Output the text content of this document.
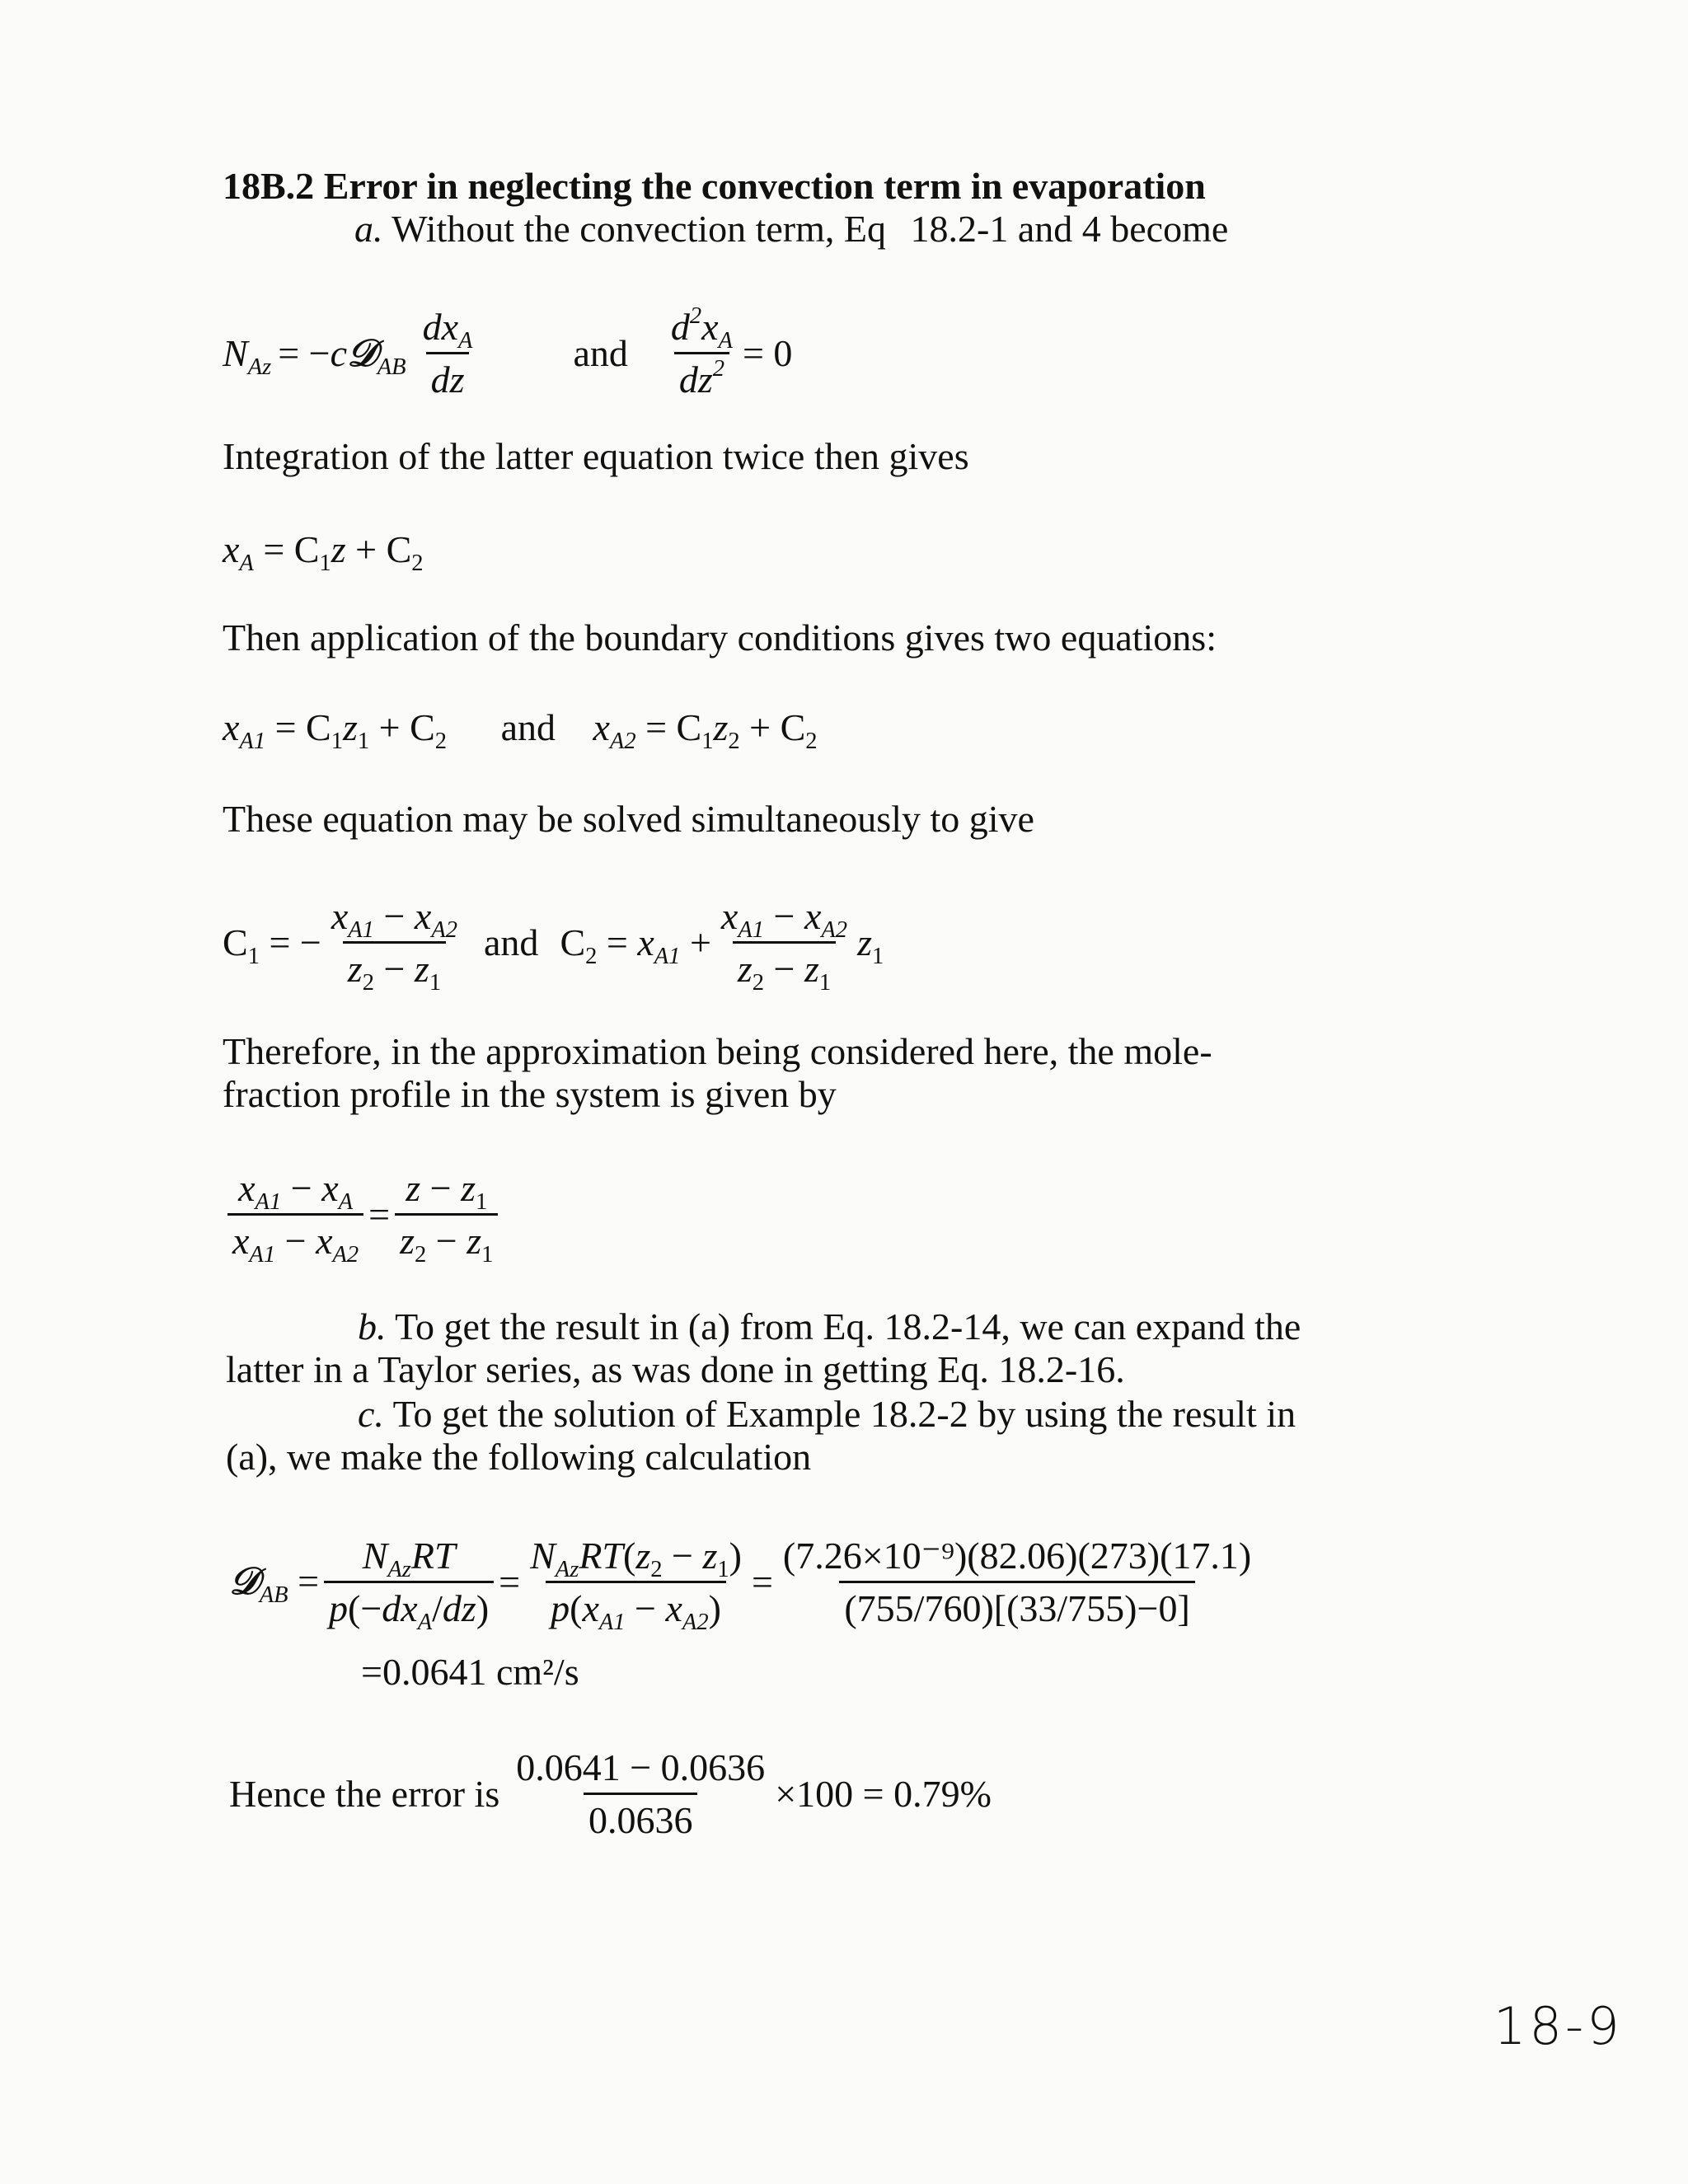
18B.2 Error in neglecting the convection term in evaporation
a. Without the convection term, Eq 18.2-1 and 4 become
$N_{Az}$ = −c𝒟$_{AB}$ $\frac{dx_A}{dz}$	and $\frac{d^2x_A}{dz^2} = 0$
Integration of the latter equation twice then gives
$x_A = C_1z + C_2$
Then application of the boundary conditions gives two equations:
$x_{A1} = C_1z_1 + C_2$ and $x_{A2} = C_1z_2 + C_2$
These equation may be solved simultaneously to give
$C_1$ = − $\frac{x_{A1} - x_{A2}}{z_2 - z_1}$ and $C_2 = x_{A1} + \frac{x_{A1} - x_{A2}}{z_2 - z_1} z_1$
Therefore, in the approximation being considered here, the mole-
fraction profile in the system is given by
$\frac{x_{A1} - x_A}{x_{A1} - x_{A2}} = \frac{z - z_1}{z_2 - z_1}$
b. To get the result in (a) from Eq. 18.2-14, we can expand the
latter in a Taylor series, as was done in getting Eq. 18.2-16.
c. To get the solution of Example 18.2-2 by using the result in
(a), we make the following calculation
𝒟$_{AB}$ = $\frac{N_{Az}RT}{p(-dx_A/dz)} = \frac{N_{Az}RT(z_2 - z_1)}{p(x_{A1} - x_{A2})} = \frac{\text{(7.26×10⁻⁹)(82.06)(273)(17.1)}}{(755/760)[(33/755)-0]}$
=0.0641 cm²/s
Hence the error is $\frac{0.0641 - 0.0636}{0.0636} \times 100 = 0.79\%$
18-9
